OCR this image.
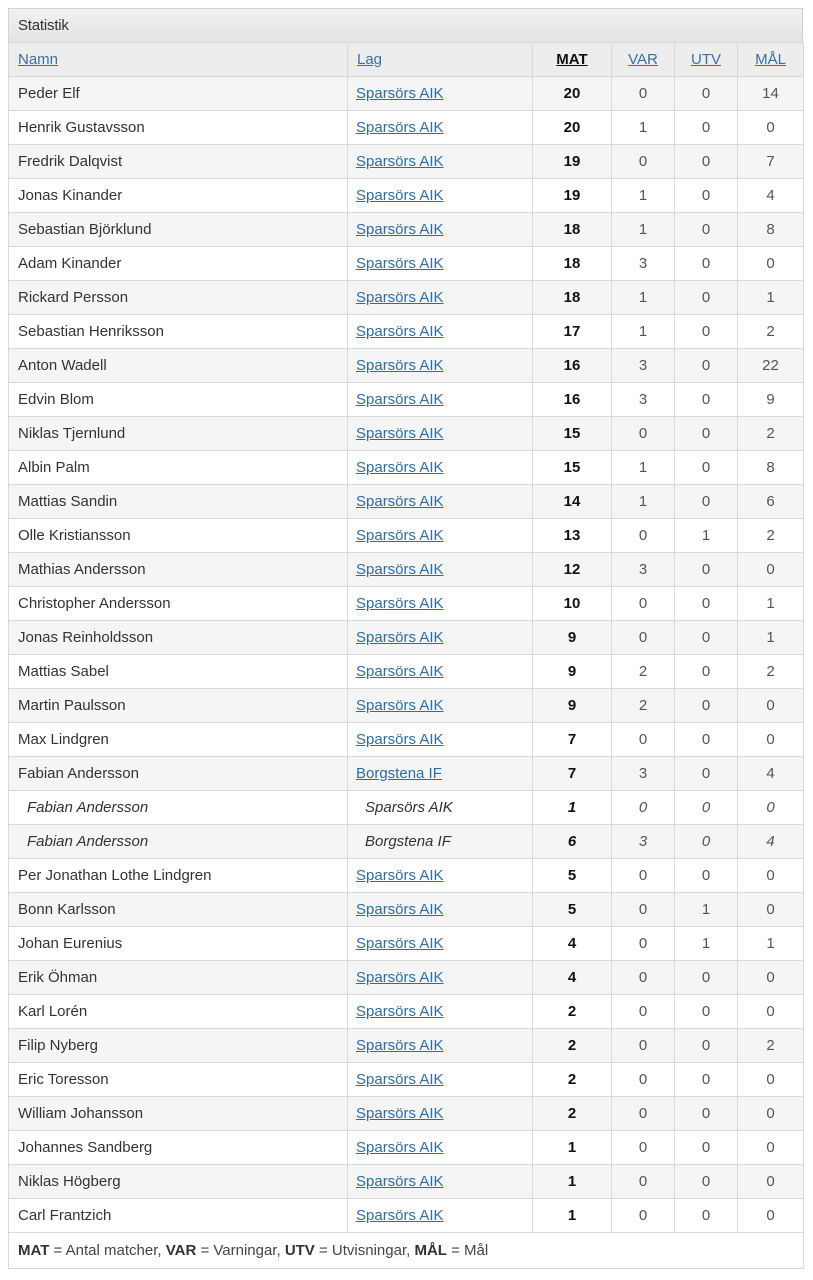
Statistik
Namn	Lag	MAT	VAR	UTV	MÅL
Peder Elf	Sparsörs AIK	20	0	0	14
Henrik Gustavsson	Sparsörs AIK	20	1	0	0
Fredrik Dalqvist	Sparsörs AIK	19	0	0	7
Jonas Kinander	Sparsörs AIK	19	1	0	4
Sebastian Björklund	Sparsörs AIK	18	1	0	8
Adam Kinander	Sparsörs AIK	18	3	0	0
Rickard Persson	Sparsörs AIK	18	1	0	1
Sebastian Henriksson	Sparsörs AIK	17	1	0	2
Anton Wadell	Sparsörs AIK	16	3	0	22
Edvin Blom	Sparsörs AIK	16	3	0	9
Niklas Tjernlund	Sparsörs AIK	15	0	0	2
Albin Palm	Sparsörs AIK	15	1	0	8
Mattias Sandin	Sparsörs AIK	14	1	0	6
Olle Kristiansson	Sparsörs AIK	13	0	1	2
Mathias Andersson	Sparsörs AIK	12	3	0	0
Christopher Andersson	Sparsörs AIK	10	0	0	1
Jonas Reinholdsson	Sparsörs AIK	9	0	0	1
Mattias Sabel	Sparsörs AIK	9	2	0	2
Martin Paulsson	Sparsörs AIK	9	2	0	0
Max Lindgren	Sparsörs AIK	7	0	0	0
Fabian Andersson	Borgstena IF	7	3	0	4
Fabian Andersson	Sparsörs AIK	1	0	0	0
Fabian Andersson	Borgstena IF	6	3	0	4
Per Jonathan Lothe Lindgren	Sparsörs AIK	5	0	0	0
Bonn Karlsson	Sparsörs AIK	5	0	1	0
Johan Eurenius	Sparsörs AIK	4	0	1	1
Erik Öhman	Sparsörs AIK	4	0	0	0
Karl Lorén	Sparsörs AIK	2	0	0	0
Filip Nyberg	Sparsörs AIK	2	0	0	2
Eric Toresson	Sparsörs AIK	2	0	0	0
William Johansson	Sparsörs AIK	2	0	0	0
Johannes Sandberg	Sparsörs AIK	1	0	0	0
Niklas Högberg	Sparsörs AIK	1	0	0	0
Carl Frantzich	Sparsörs AIK	1	0	0	0
MAT = Antal matcher, VAR = Varningar, UTV = Utvisningar, MÅL = Mål					
